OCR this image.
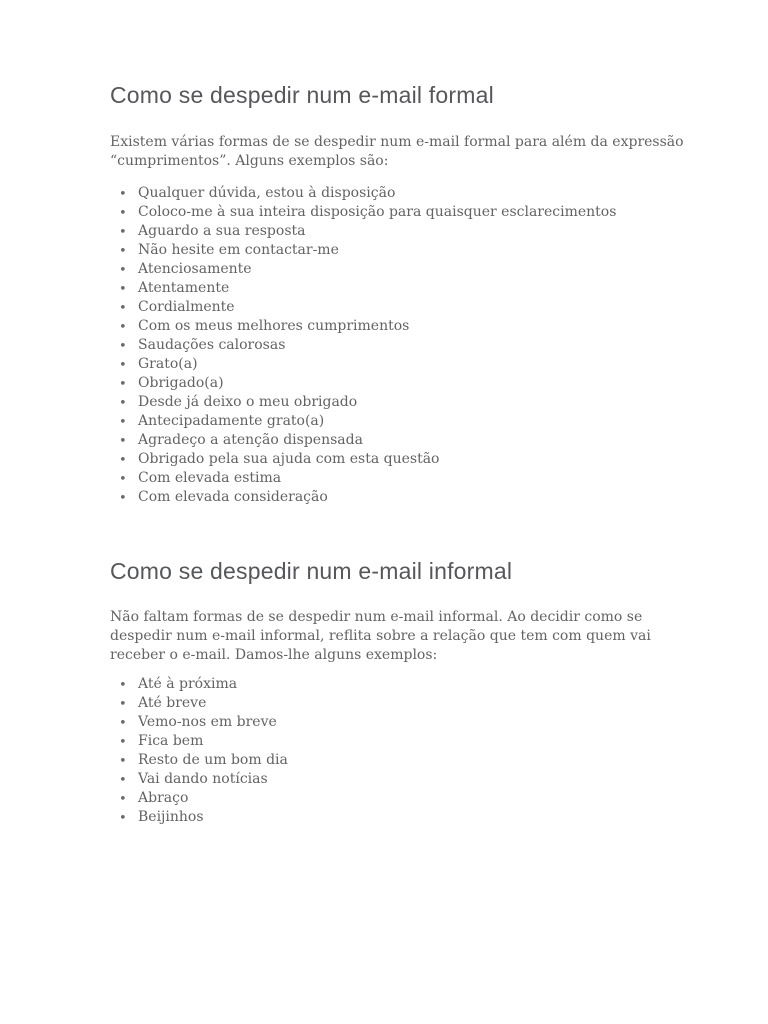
Como se despedir num e-mail formal
Existem várias formas de se despedir num e-mail formal para além da expressão
“cumprimentos”. Alguns exemplos são:
• Qualquer dúvida, estou à disposição
• Coloco-me à sua inteira disposição para quaisquer esclarecimentos
• Aguardo a sua resposta
• Não hesite em contactar-me
• Atenciosamente
• Atentamente
• Cordialmente
• Com os meus melhores cumprimentos
• Saudações calorosas
• Grato(a)
• Obrigado(a)
• Desde já deixo o meu obrigado
• Antecipadamente grato(a)
• Agradeço a atenção dispensada
• Obrigado pela sua ajuda com esta questão
• Com elevada estima
• Com elevada consideração
Como se despedir num e-mail informal
Não faltam formas de se despedir num e-mail informal. Ao decidir como se
despedir num e-mail informal, reflita sobre a relação que tem com quem vai
receber o e-mail. Damos-lhe alguns exemplos:
• Até à próxima
• Até breve
• Vemo-nos em breve
• Fica bem
• Resto de um bom dia
• Vai dando notícias
• Abraço
• Beijinhos
